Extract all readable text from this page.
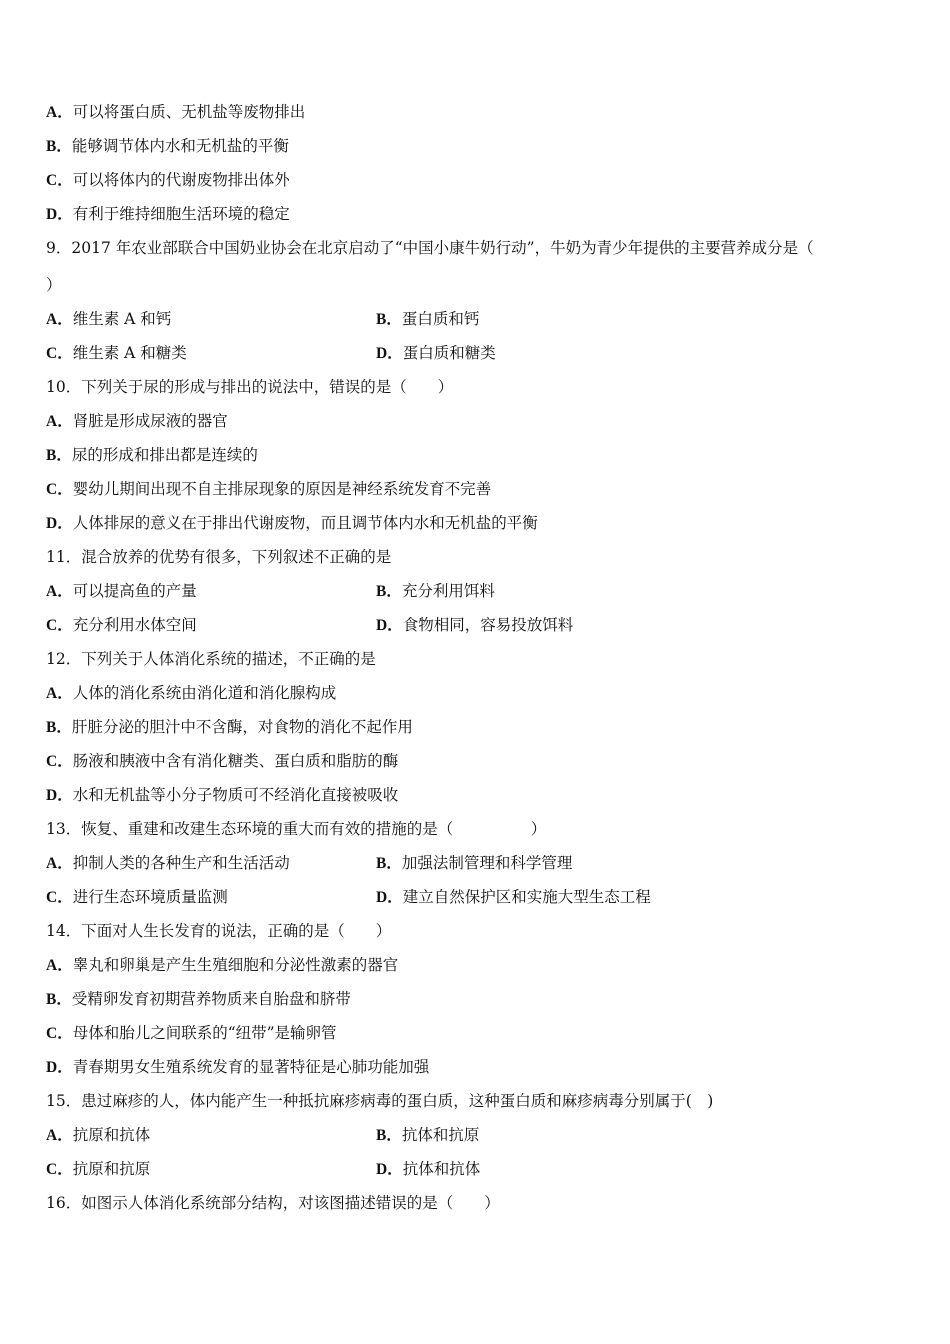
A．可以将蛋白质、无机盐等废物排出
B．能够调节体内水和无机盐的平衡
C．可以将体内的代谢废物排出体外
D．有利于维持细胞生活环境的稳定
9．2017 年农业部联合中国奶业协会在北京启动了“中国小康牛奶行动”，牛奶为青少年提供的主要营养成分是（
）
A．维生素 A 和钙	B．蛋白质和钙
C．维生素 A 和糖类	D．蛋白质和糖类
10．下列关于尿的形成与排出的说法中，错误的是（　　）
A．肾脏是形成尿液的器官
B．尿的形成和排出都是连续的
C．婴幼儿期间出现不自主排尿现象的原因是神经系统发育不完善
D．人体排尿的意义在于排出代谢废物，而且调节体内水和无机盐的平衡
11．混合放养的优势有很多，下列叙述不正确的是
A．可以提高鱼的产量	B．充分利用饵料
C．充分利用水体空间	D．食物相同，容易投放饵料
12．下列关于人体消化系统的描述，不正确的是
A．人体的消化系统由消化道和消化腺构成
B．肝脏分泌的胆汁中不含酶，对食物的消化不起作用
C．肠液和胰液中含有消化糖类、蛋白质和脂肪的酶
D．水和无机盐等小分子物质可不经消化直接被吸收
13．恢复、重建和改建生态环境的重大而有效的措施的是（　　　　　）
A．抑制人类的各种生产和生活活动	B．加强法制管理和科学管理
C．进行生态环境质量监测	D．建立自然保护区和实施大型生态工程
14．下面对人生长发育的说法，正确的是（　　）
A．睾丸和卵巢是产生生殖细胞和分泌性激素的器官
B．受精卵发育初期营养物质来自胎盘和脐带
C．母体和胎儿之间联系的“纽带”是输卵管
D．青春期男女生殖系统发育的显著特征是心肺功能加强
15．患过麻疹的人，体内能产生一种抵抗麻疹病毒的蛋白质，这种蛋白质和麻疹病毒分别属于(　)
A．抗原和抗体	B．抗体和抗原
C．抗原和抗原	D．抗体和抗体
16．如图示人体消化系统部分结构，对该图描述错误的是（　　）
